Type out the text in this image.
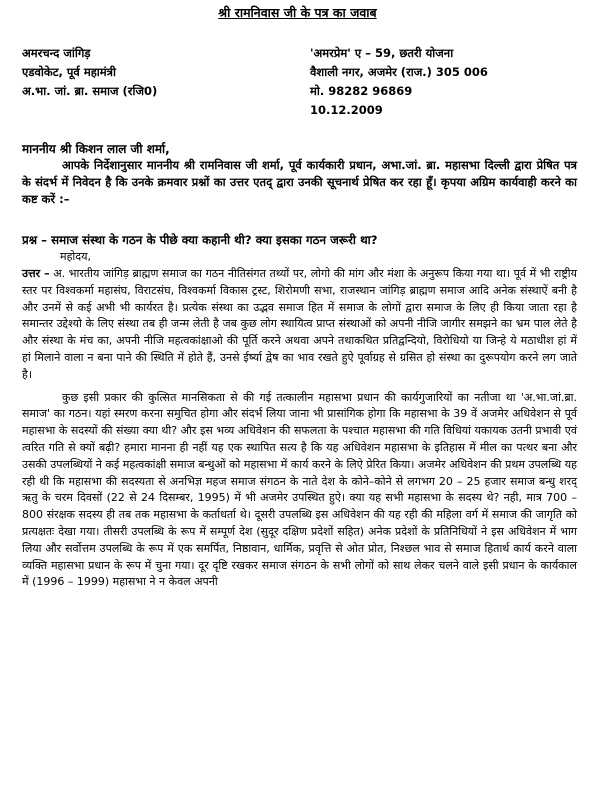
श्री रामनिवास जी के पत्र का जवाब
अमरचन्द जांगिड़
एडवोकेट, पूर्व महामंत्री
अ.भा. जां. ब्रा. समाज (रजि0)
'अमरप्रेम' ए – 59, छतरी योजना
वैशाली नगर, अजमेर (राज.) 305 006
मो. 98282 96869
10.12.2009
माननीय श्री किशन लाल जी शर्मा,
आपके निर्देशानुसार माननीय श्री रामनिवास जी शर्मा, पूर्व कार्यकारी प्रधान, अभा.जां. ब्रा. महासभा दिल्ली द्वारा प्रेषित पत्र के संदर्भ में निवेदन है कि उनके क्रमवार प्रश्नों का उत्तर एतद् द्वारा उनकी सूचनार्थ प्रेषित कर रहा हूँ। कृपया अग्रिम कार्यवाही करने का कष्ट करें :–
प्रश्न – समाज संस्था के गठन के पीछे क्या कहानी थी? क्या इसका गठन जरूरी था?
महोदय,

उत्तर – अ. भारतीय जांगिड़ ब्राह्मण समाज का गठन नीतिसंगत तथ्यों पर, लोगो की मांग और मंशा के अनुरूप किया गया था। पूर्व में भी राष्ट्रीय स्तर पर विश्वकर्मा महासंघ, विराटसंघ, विश्वकर्मा विकास ट्रस्ट, शिरोमणी सभा, राजस्थान जांगिड़ ब्राह्मण समाज आदि अनेक संस्थाऐं बनी है और उनमें से कई अभी भी कार्यरत है। प्रत्येक संस्था का उद्भव समाज हित में समाज के लोगों द्वारा समाज के लिए ही किया जाता रहा है समान्तर उद्देश्यो के लिए संस्था तब ही जन्म लेती है जब कुछ लोग स्थायित्व प्राप्त संस्थाओं को अपनी नीजि जागीर समझने का भ्रम पाल लेते है और संस्था के मंच का, अपनी नीजि महत्वकांक्षाओ की पूर्ति करने अथवा अपने तथाकथित प्रतिद्वन्दियो, विरोधियो या जिन्हे ये मठाधीश हां में हां मिलाने वाला न बना पाने की स्थिति में होते हैं, उनसे ईर्ष्या द्वेष का भाव रखते हुऐ पूर्वाग्रह से ग्रसित हो संस्था का दुरूपयोग करने लग जाते है।

कुछ इसी प्रकार की कुत्सित मानसिकता से की गई तत्कालीन महासभा प्रधान की कार्यगुजारियों का नतीजा था 'अ.भा.जां.ब्रा. समाज' का गठन। यहां स्मरण करना समुचित होगा और संदर्भ लिया जाना भी प्रासांगिक होगा कि महासभा के 39 वें अजमेर अधिवेशन से पूर्व महासभा के सदस्यों की संख्या क्या थी? और इस भव्य अधिवेशन की सफलता के पश्चात महासभा की गति विधियां यकायक उतनी प्रभावी एवं त्वरित गति से क्यों बढ़ी? हमारा मानना ही नहीं यह एक स्थापित सत्य है कि यह अधिवेशन महासभा के इतिहास में मील का पत्थर बना और उसकी उपलब्धियों ने कई महत्वकांक्षी समाज बन्धुओं को महासभा में कार्य करने के लिऐ प्रेरित किया। अजमेर अधिवेशन की प्रथम उपलब्धि यह रही थी कि महासभा की सदस्यता से अनभिज्ञ महज समाज संगठन के नाते देश के कोने–कोने से लगभग 20 – 25 हजार समाज बन्धु शरद् ऋतु के चरम दिवसों (22 से 24 दिसम्बर, 1995) में भी अजमेर उपस्थित हुऐ। क्या यह सभी महासभा के सदस्य थे? नही, मात्र 700 – 800 संरक्षक सदस्य ही तब तक महासभा के कर्ताधर्ता थे। दूसरी उपलब्धि इस अधिवेशन की यह रही की महिला वर्ग में समाज की जागृति को प्रत्यक्षतः देखा गया। तीसरी उपलब्धि के रूप में सम्पूर्ण देश (सुदूर दक्षिण प्रदेशों सहित) अनेक प्रदेशों के प्रतिनिधियों ने इस अधिवेशन में भाग लिया और सर्वोत्तम उपलब्धि के रूप में एक समर्पित, निष्ठावान, धार्मिक, प्रवृत्ति से ओत प्रोत, निश्छल भाव से समाज हितार्थ कार्य करने वाला व्यक्ति महासभा प्रधान के रूप में चुना गया। दूर दृष्टि रखकर समाज संगठन के सभी लोगों को साथ लेकर चलने वाले इसी प्रधान के कार्यकाल में (1996 – 1999) महासभा ने न केवल अपनी
